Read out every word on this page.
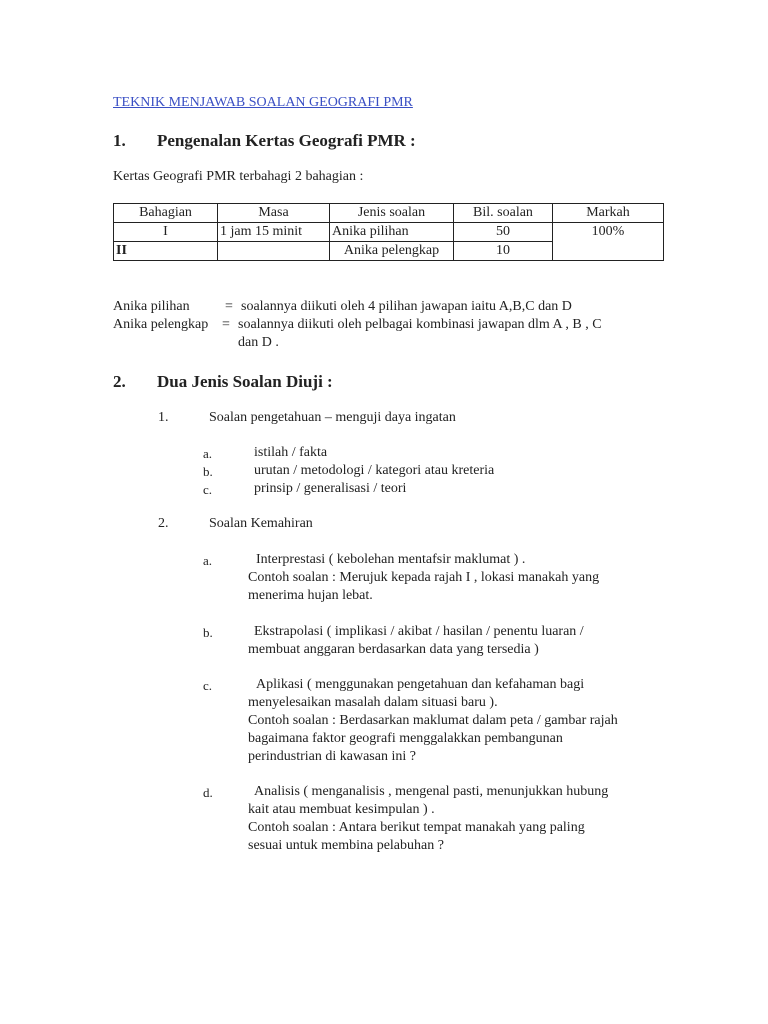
TEKNIK MENJAWAB SOALAN GEOGRAFI PMR
1. Pengenalan Kertas Geografi PMR :
Kertas Geografi PMR terbahagi 2 bahagian :
Bahagian	Masa	Jenis soalan	Bil. soalan	Markah
I	1 jam 15 minit	Anika pilihan	50	100%
II		Anika pelengkap	10	
Anika pilihan	= soalannya diikuti oleh 4 pilihan jawapan iaitu A,B,C dan D
Anika pelengkap = soalannya diikuti oleh pelbagai kombinasi jawapan dlm A , B , C
dan D .
2. Dua Jenis Soalan Diuji :
1.	Soalan pengetahuan – menguji daya ingatan
a.	istilah / fakta
b.	urutan / metodologi / kategori atau kreteria
c.	prinsip / generalisasi / teori
2.	Soalan Kemahiran
a.	Interprestasi ( kebolehan mentafsir maklumat ) .
Contoh soalan : Merujuk kepada rajah I , lokasi manakah yang
menerima hujan lebat.
b.	Ekstrapolasi ( implikasi / akibat / hasilan / penentu luaran /
membuat anggaran berdasarkan data yang tersedia )
c.	Aplikasi ( menggunakan pengetahuan dan kefahaman bagi
menyelesaikan masalah dalam situasi baru ).
Contoh soalan : Berdasarkan maklumat dalam peta / gambar rajah
bagaimana faktor geografi menggalakkan pembangunan
perindustrian di kawasan ini ?
d.	Analisis ( menganalisis , mengenal pasti, menunjukkan hubung
kait atau membuat kesimpulan ) .
Contoh soalan : Antara berikut tempat manakah yang paling
sesuai untuk membina pelabuhan ?
